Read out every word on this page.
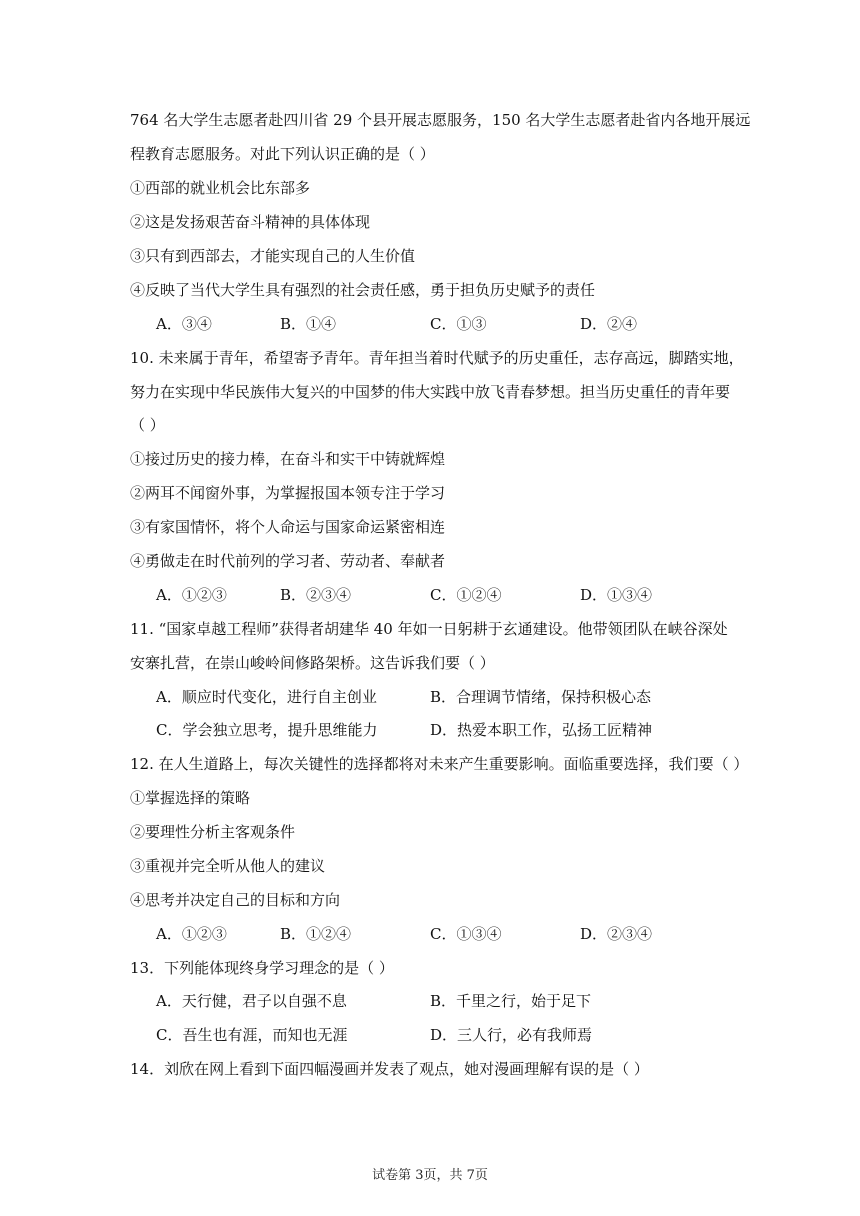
764 名大学生志愿者赴四川省 29 个县开展志愿服务，150 名大学生志愿者赴省内各地开展远
程教育志愿服务。对此下列认识正确的是（ ）
①西部的就业机会比东部多
②这是发扬艰苦奋斗精神的具体体现
③只有到西部去，才能实现自己的人生价值
④反映了当代大学生具有强烈的社会责任感，勇于担负历史赋予的责任
A．③④	B．①④	C．①③	D．②④
10. 未来属于青年，希望寄予青年。青年担当着时代赋予的历史重任，志存高远，脚踏实地，
努力在实现中华民族伟大复兴的中国梦的伟大实践中放飞青春梦想。担当历史重任的青年要
（ ）
①接过历史的接力棒，在奋斗和实干中铸就辉煌
②两耳不闻窗外事，为掌握报国本领专注于学习
③有家国情怀，将个人命运与国家命运紧密相连
④勇做走在时代前列的学习者、劳动者、奉献者
A．①②③	B．②③④	C．①②④	D．①③④
11. “国家卓越工程师”获得者胡建华 40 年如一日躬耕于玄通建设。他带领团队在峡谷深处
安寨扎营，在崇山峻岭间修路架桥。这告诉我们要（ ）
A．顺应时代变化，进行自主创业	B．合理调节情绪，保持积极心态
C．学会独立思考，提升思维能力	D．热爱本职工作，弘扬工匠精神
12. 在人生道路上，每次关键性的选择都将对未来产生重要影响。面临重要选择，我们要（ ）
①掌握选择的策略
②要理性分析主客观条件
③重视并完全听从他人的建议
④思考并决定自己的目标和方向
A．①②③	B．①②④	C．①③④	D．②③④
13．下列能体现终身学习理念的是（ ）
A．天行健，君子以自强不息	B．千里之行，始于足下
C．吾生也有涯，而知也无涯	D．三人行，必有我师焉
14．刘欣在网上看到下面四幅漫画并发表了观点，她对漫画理解有误的是（ ）
试卷第 3页，共 7页
